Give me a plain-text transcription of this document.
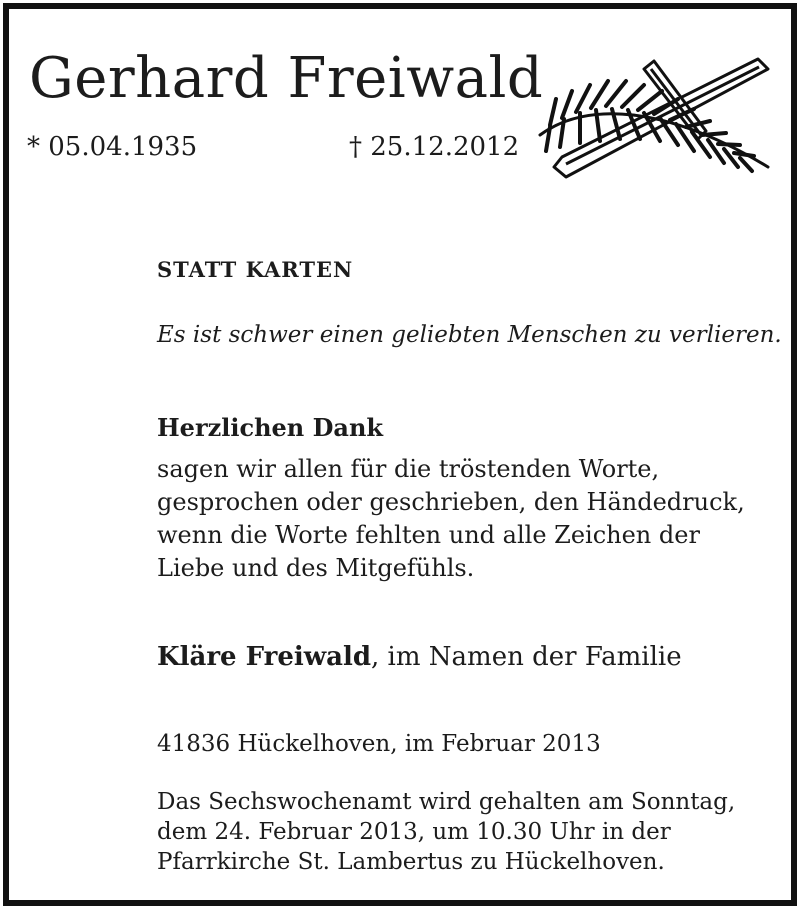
Gerhard Freiwald
* 05.04.1935	† 25.12.2012
STATT KARTEN
Es ist schwer einen geliebten Menschen zu verlieren.
Herzlichen Dank
sagen wir allen für die tröstenden Worte,
gesprochen oder geschrieben, den Händedruck,
wenn die Worte fehlten und alle Zeichen der
Liebe und des Mitgefühls.
Kläre Freiwald, im Namen der Familie
41836 Hückelhoven, im Februar 2013
Das Sechswochenamt wird gehalten am Sonntag,
dem 24. Februar 2013, um 10.30 Uhr in der
Pfarrkirche St. Lambertus zu Hückelhoven.
